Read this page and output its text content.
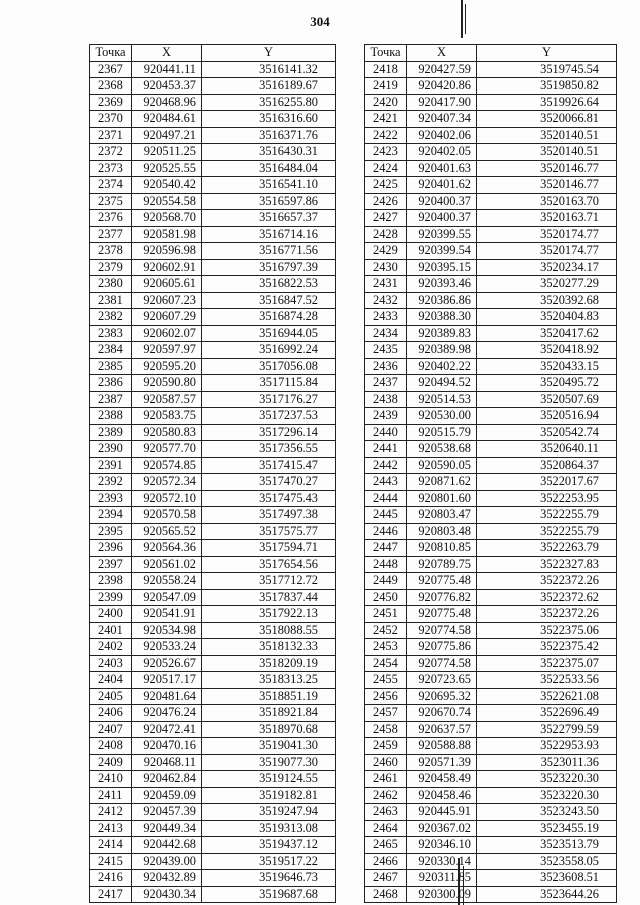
304
Точка	X	Y
2367	920441.11	3516141.32
2368	920453.37	3516189.67
2369	920468.96	3516255.80
2370	920484.61	3516316.60
2371	920497.21	3516371.76
2372	920511.25	3516430.31
2373	920525.55	3516484.04
2374	920540.42	3516541.10
2375	920554.58	3516597.86
2376	920568.70	3516657.37
2377	920581.98	3516714.16
2378	920596.98	3516771.56
2379	920602.91	3516797.39
2380	920605.61	3516822.53
2381	920607.23	3516847.52
2382	920607.29	3516874.28
2383	920602.07	3516944.05
2384	920597.97	3516992.24
2385	920595.20	3517056.08
2386	920590.80	3517115.84
2387	920587.57	3517176.27
2388	920583.75	3517237.53
2389	920580.83	3517296.14
2390	920577.70	3517356.55
2391	920574.85	3517415.47
2392	920572.34	3517470.27
2393	920572.10	3517475.43
2394	920570.58	3517497.38
2395	920565.52	3517575.77
2396	920564.36	3517594.71
2397	920561.02	3517654.56
2398	920558.24	3517712.72
2399	920547.09	3517837.44
2400	920541.91	3517922.13
2401	920534.98	3518088.55
2402	920533.24	3518132.33
2403	920526.67	3518209.19
2404	920517.17	3518313.25
2405	920481.64	3518851.19
2406	920476.24	3518921.84
2407	920472.41	3518970.68
2408	920470.16	3519041.30
2409	920468.11	3519077.30
2410	920462.84	3519124.55
2411	920459.09	3519182.81
2412	920457.39	3519247.94
2413	920449.34	3519313.08
2414	920442.68	3519437.12
2415	920439.00	3519517.22
2416	920432.89	3519646.73
2417	920430.34	3519687.68
Точка	X	Y
2418	920427.59	3519745.54
2419	920420.86	3519850.82
2420	920417.90	3519926.64
2421	920407.34	3520066.81
2422	920402.06	3520140.51
2423	920402.05	3520140.51
2424	920401.63	3520146.77
2425	920401.62	3520146.77
2426	920400.37	3520163.70
2427	920400.37	3520163.71
2428	920399.55	3520174.77
2429	920399.54	3520174.77
2430	920395.15	3520234.17
2431	920393.46	3520277.29
2432	920386.86	3520392.68
2433	920388.30	3520404.83
2434	920389.83	3520417.62
2435	920389.98	3520418.92
2436	920402.22	3520433.15
2437	920494.52	3520495.72
2438	920514.53	3520507.69
2439	920530.00	3520516.94
2440	920515.79	3520542.74
2441	920538.68	3520640.11
2442	920590.05	3520864.37
2443	920871.62	3522017.67
2444	920801.60	3522253.95
2445	920803.47	3522255.79
2446	920803.48	3522255.79
2447	920810.85	3522263.79
2448	920789.75	3522327.83
2449	920775.48	3522372.26
2450	920776.82	3522372.62
2451	920775.48	3522372.26
2452	920774.58	3522375.06
2453	920775.86	3522375.42
2454	920774.58	3522375.07
2455	920723.65	3522533.56
2456	920695.32	3522621.08
2457	920670.74	3522696.49
2458	920637.57	3522799.59
2459	920588.88	3522953.93
2460	920571.39	3523011.36
2461	920458.49	3523220.30
2462	920458.46	3523220.30
2463	920445.91	3523243.50
2464	920367.02	3523455.19
2465	920346.10	3523513.79
2466	920330.14	3523558.05
2467	920311.85	3523608.51
2468	920300.09	3523644.26
